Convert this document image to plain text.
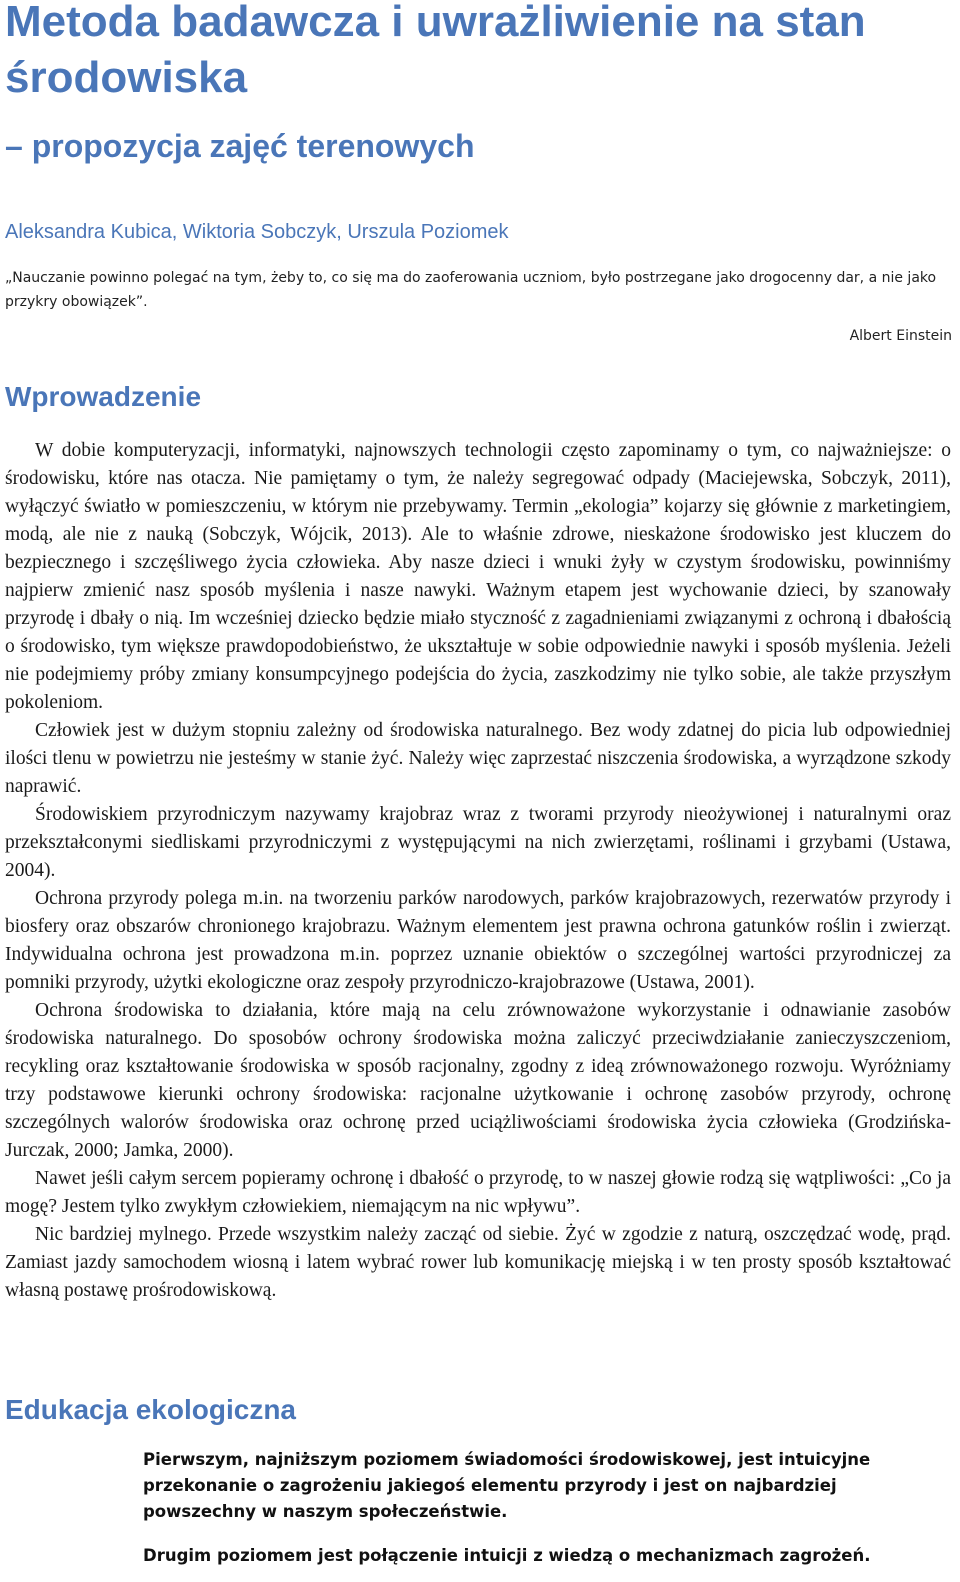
Metoda badawcza i uwrażliwienie na stan środowiska
– propozycja zajęć terenowych

Aleksandra Kubica, Wiktoria Sobczyk, Urszula Poziomek

„Nauczanie powinno polegać na tym, żeby to, co się ma do zaoferowania uczniom, było postrzegane jako drogocenny dar, a nie jako przykry obowiązek”.

Albert Einstein

Wprowadzenie

W dobie komputeryzacji, informatyki, najnowszych technologii często zapominamy o tym, co najważniejsze: o środowisku, które nas otacza. Nie pamiętamy o tym, że należy segregować odpady (Maciejewska, Sobczyk, 2011), wyłączyć światło w pomieszczeniu, w którym nie przebywamy. Termin „ekologia” kojarzy się głównie z marketingiem, modą, ale nie z nauką (Sobczyk, Wójcik, 2013). Ale to właśnie zdrowe, nieskażone środowisko jest kluczem do bezpiecznego i szczęśliwego życia człowieka. Aby nasze dzieci i wnuki żyły w czystym środowisku, powinniśmy najpierw zmienić nasz sposób myślenia i nasze nawyki. Ważnym etapem jest wychowanie dzieci, by szanowały przyrodę i dbały o nią. Im wcześniej dziecko będzie miało styczność z zagadnieniami związanymi z ochroną i dbałością o środowisko, tym większe prawdopodobieństwo, że ukształtuje w sobie odpowiednie nawyki i sposób myślenia. Jeżeli nie podejmiemy próby zmiany konsumpcyjnego podejścia do życia, zaszkodzimy nie tylko sobie, ale także przyszłym pokoleniom.

Człowiek jest w dużym stopniu zależny od środowiska naturalnego. Bez wody zdatnej do picia lub odpowiedniej ilości tlenu w powietrzu nie jesteśmy w stanie żyć. Należy więc zaprzestać niszczenia środowiska, a wyrządzone szkody naprawić.

Środowiskiem przyrodniczym nazywamy krajobraz wraz z tworami przyrody nieożywionej i naturalnymi oraz przekształconymi siedliskami przyrodniczymi z występującymi na nich zwierzętami, roślinami i grzybami (Ustawa, 2004).

Ochrona przyrody polega m.in. na tworzeniu parków narodowych, parków krajobrazowych, rezerwatów przyrody i biosfery oraz obszarów chronionego krajobrazu. Ważnym elementem jest prawna ochrona gatunków roślin i zwierząt. Indywidualna ochrona jest prowadzona m.in. poprzez uznanie obiektów o szczególnej wartości przyrodniczej za pomniki przyrody, użytki ekologiczne oraz zespoły przyrodniczo-krajobrazowe (Ustawa, 2001).

Ochrona środowiska to działania, które mają na celu zrównoważone wykorzystanie i odnawianie zasobów środowiska naturalnego. Do sposobów ochrony środowiska można zaliczyć przeciwdziałanie zanieczyszczeniom, recykling oraz kształtowanie środowiska w sposób racjonalny, zgodny z ideą zrównoważonego rozwoju. Wyróżniamy trzy podstawowe kierunki ochrony środowiska: racjonalne użytkowanie i ochronę zasobów przyrody, ochronę szczególnych walorów środowiska oraz ochronę przed uciążliwościami środowiska życia człowieka (Grodzińska-Jurczak, 2000; Jamka, 2000).

Nawet jeśli całym sercem popieramy ochronę i dbałość o przyrodę, to w naszej głowie rodzą się wątpliwości: „Co ja mogę? Jestem tylko zwykłym człowiekiem, niemającym na nic wpływu”.

Nic bardziej mylnego. Przede wszystkim należy zacząć od siebie. Żyć w zgodzie z naturą, oszczędzać wodę, prąd. Zamiast jazdy samochodem wiosną i latem wybrać rower lub komunikację miejską i w ten prosty sposób kształtować własną postawę prośrodowiskową.

Edukacja ekologiczna

Pierwszym, najniższym poziomem świadomości środowiskowej, jest intuicyjne przekonanie o zagrożeniu jakiegoś elementu przyrody i jest on najbardziej powszechny w naszym społeczeństwie.

Drugim poziomem jest połączenie intuicji z wiedzą o mechanizmach zagrożeń.
